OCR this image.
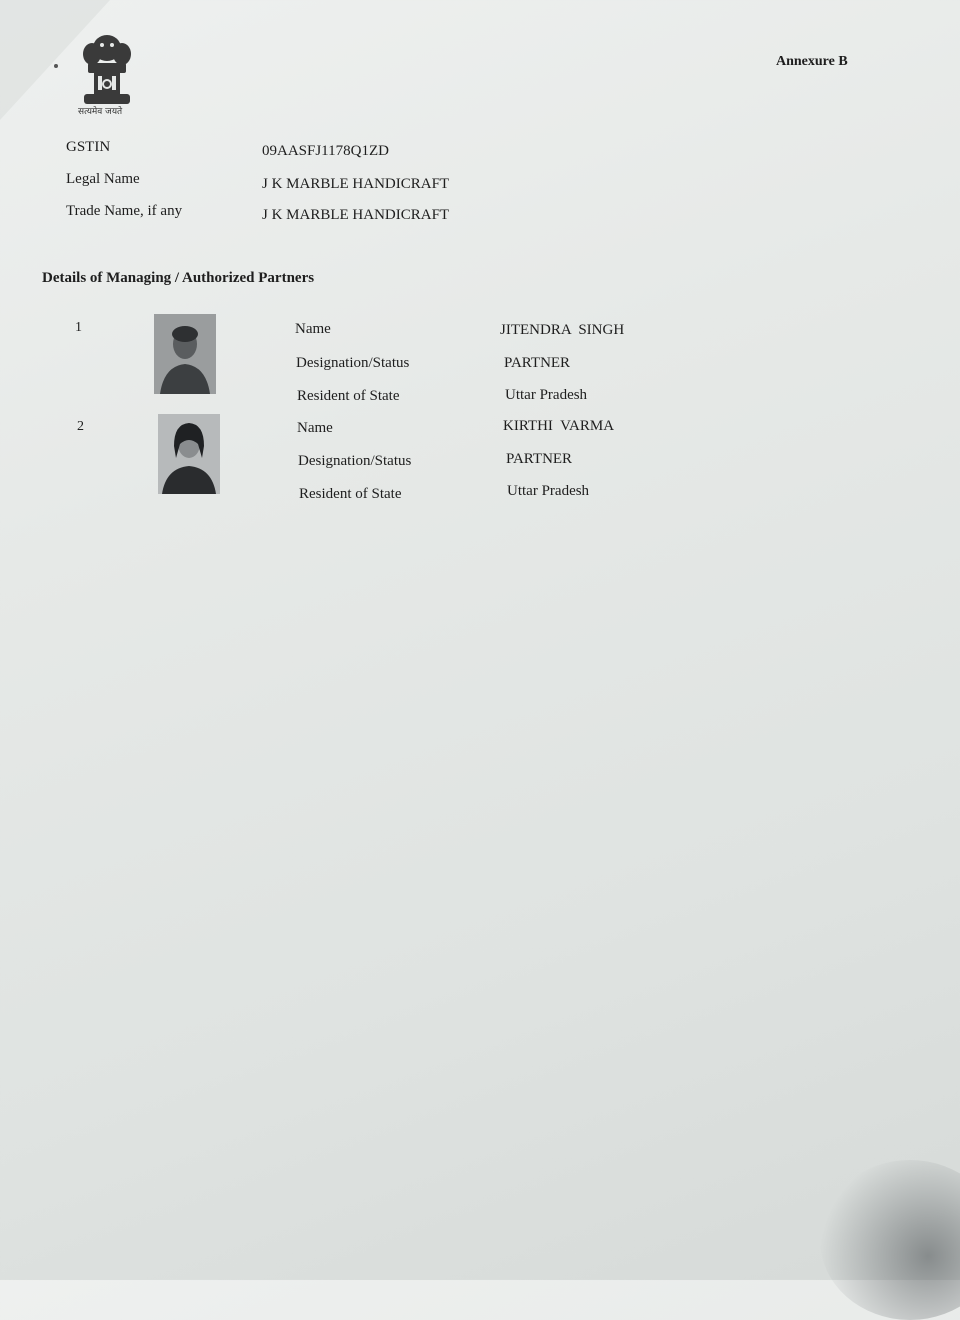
सत्यमेव जयते
Annexure B
GSTIN	09AASFJ1178Q1ZD
Legal Name	J K MARBLE HANDICRAFT
Trade Name, if any	J K MARBLE HANDICRAFT
Details of Managing / Authorized Partners
1	Name	JITENDRA  SINGH
Designation/Status	PARTNER
Resident of State	Uttar Pradesh
2	Name	KIRTHI  VARMA
Designation/Status	PARTNER
Resident of State	Uttar Pradesh
